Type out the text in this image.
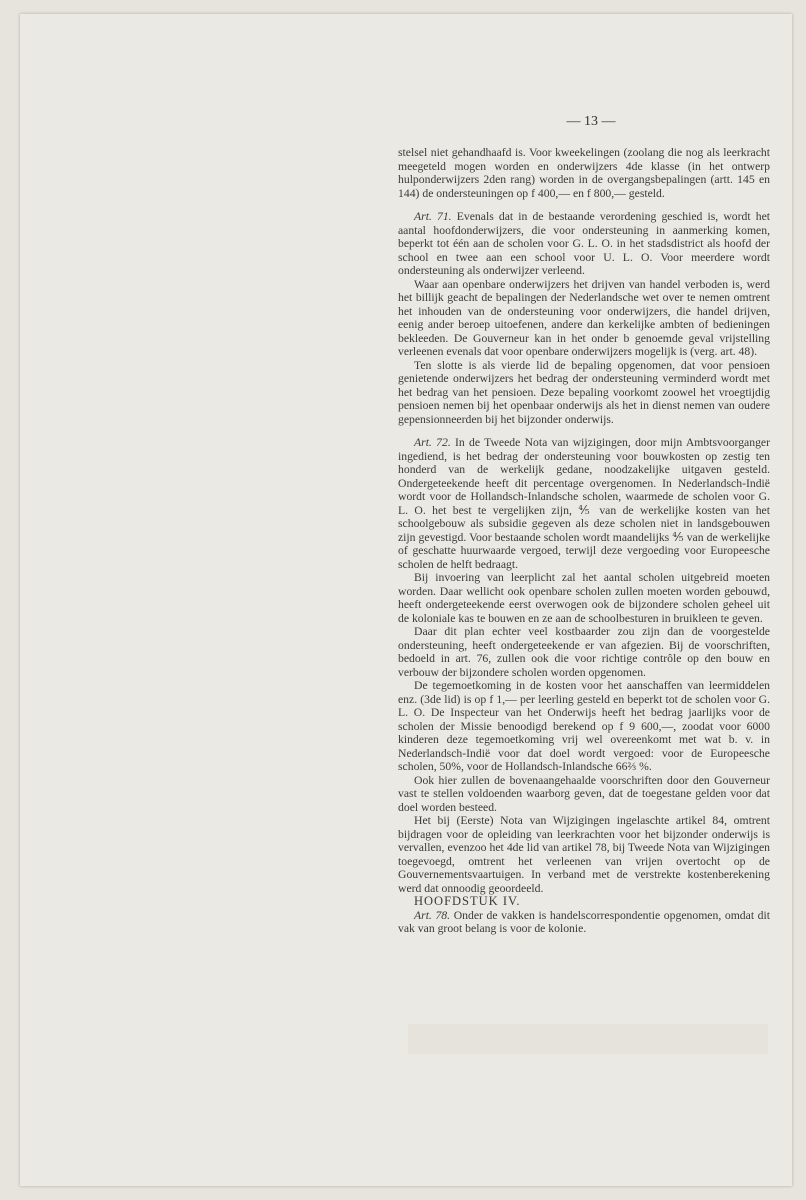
— 13 —

stelsel niet gehandhaafd is. Voor kweekelingen (zoolang die nog als leerkracht meegeteld mogen worden en onderwijzers 4de klasse (in het ontwerp hulponderwijzers 2den rang) worden in de overgangsbepalingen (artt. 145 en 144) de ondersteuningen op f 400,— en f 800,— gesteld.

Art. 71. Evenals dat in de bestaande verordening geschied is, wordt het aantal hoofdonderwijzers, die voor ondersteuning in aanmerking komen, beperkt tot één aan de scholen voor G. L. O. in het stadsdistrict als hoofd der school en twee aan een school voor U. L. O. Voor meerdere wordt ondersteuning als onderwijzer verleend.

Waar aan openbare onderwijzers het drijven van handel verboden is, werd het billijk geacht de bepalingen der Nederlandsche wet over te nemen omtrent het inhouden van de ondersteuning voor onderwijzers, die handel drijven, eenig ander beroep uitoefenen, andere dan kerkelijke ambten of bedieningen bekleeden. De Gouverneur kan in het onder b genoemde geval vrijstelling verleenen evenals dat voor openbare onderwijzers mogelijk is (verg. art. 48).

Ten slotte is als vierde lid de bepaling opgenomen, dat voor pensioen genietende onderwijzers het bedrag der ondersteuning verminderd wordt met het bedrag van het pensioen. Deze bepaling voorkomt zoowel het vroegtijdig pensioen nemen bij het openbaar onderwijs als het in dienst nemen van oudere gepensionneerden bij het bijzonder onderwijs.

Art. 72. In de Tweede Nota van wijzigingen, door mijn Ambtsvoorganger ingediend, is het bedrag der ondersteuning voor bouwkosten op zestig ten honderd van de werkelijk gedane, noodzakelijke uitgaven gesteld. Ondergeteekende heeft dit percentage overgenomen. In Nederlandsch-Indië wordt voor de Hollandsch-Inlandsche scholen, waarmede de scholen voor G. L. O. het best te vergelijken zijn, ⅘ van de werkelijke kosten van het schoolgebouw als subsidie gegeven als deze scholen niet in landsgebouwen zijn gevestigd. Voor bestaande scholen wordt maandelijks ⅘ van de werkelijke of geschatte huurwaarde vergoed, terwijl deze vergoeding voor Europeesche scholen de helft bedraagt.

Bij invoering van leerplicht zal het aantal scholen uitgebreid moeten worden. Daar wellicht ook openbare scholen zullen moeten worden gebouwd, heeft ondergeteekende eerst overwogen ook de bijzondere scholen geheel uit de koloniale kas te bouwen en ze aan de schoolbesturen in bruikleen te geven.

Daar dit plan echter veel kostbaarder zou zijn dan de voorgestelde ondersteuning, heeft ondergeteekende er van afgezien. Bij de voorschriften, bedoeld in art. 76, zullen ook die voor richtige contrôle op den bouw en verbouw der bijzondere scholen worden opgenomen.

De tegemoetkoming in de kosten voor het aanschaffen van leermiddelen enz. (3de lid) is op f 1,— per leerling gesteld en beperkt tot de scholen voor G. L. O. De Inspecteur van het Onderwijs heeft het bedrag jaarlijks voor de scholen der Missie benoodigd berekend op f 9 600,—, zoodat voor 6000 kinderen deze tegemoetkoming vrij wel overeenkomt met wat b. v. in Nederlandsch-Indië voor dat doel wordt vergoed: voor de Europeesche scholen, 50%, voor de Hollandsch-Inlandsche 66⅔ %.

Ook hier zullen de bovenaangehaalde voorschriften door den Gouverneur vast te stellen voldoenden waarborg geven, dat de toegestane gelden voor dat doel worden besteed.

Het bij (Eerste) Nota van Wijzigingen ingelaschte artikel 84, omtrent bijdragen voor de opleiding van leerkrachten voor het bijzonder onderwijs is vervallen, evenzoo het 4de lid van artikel 78, bij Tweede Nota van Wijzigingen toegevoegd, omtrent het verleenen van vrijen overtocht op de Gouvernementsvaartuigen. In verband met de verstrekte kostenberekening werd dat onnoodig geoordeeld.

HOOFDSTUK IV.

Art. 78. Onder de vakken is handelscorrespondentie opgenomen, omdat dit vak van groot belang is voor de kolonie.
